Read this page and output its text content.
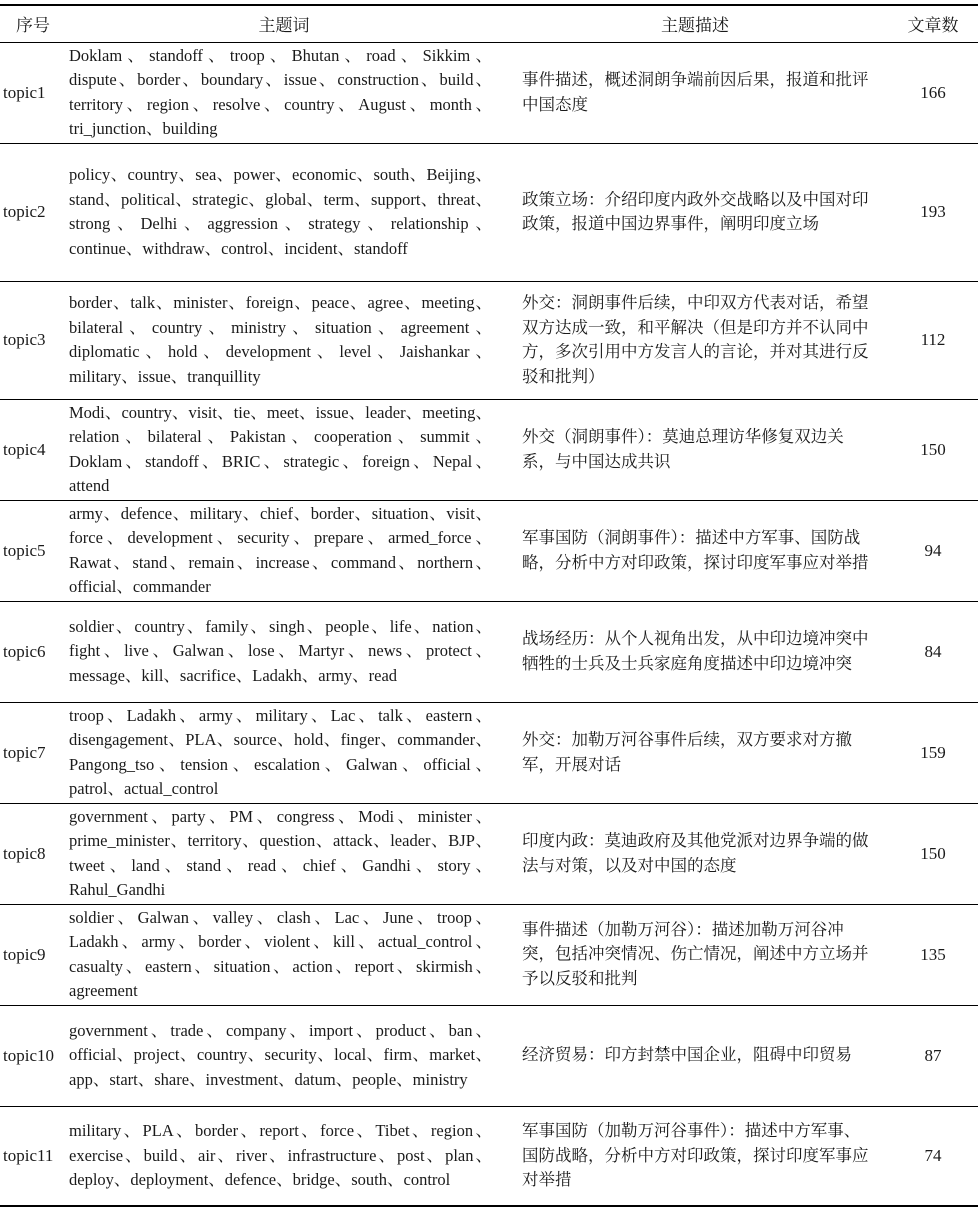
序号	主题词	主题描述	文章数
topic1	Doklam、standoff、troop、Bhutan、road、Sikkim、dispute、border、boundary、issue、construction、build、territory、region、resolve、country、August、month、tri_junction、building	事件描述，概述洞朗争端前因后果，报道和批评中国态度	166
topic2	policy、country、sea、power、economic、south、Beijing、stand、political、strategic、global、term、support、threat、strong、Delhi、aggression、strategy、relationship、continue、withdraw、control、incident、standoff	政策立场：介绍印度内政外交战略以及中国对印政策，报道中国边界事件，阐明印度立场	193
topic3	border、talk、minister、foreign、peace、agree、meeting、bilateral、country、ministry、situation、agreement、diplomatic、hold、development、level、Jaishankar、military、issue、tranquillity	外交：洞朗事件后续，中印双方代表对话，希望双方达成一致，和平解决（但是印方并不认同中方，多次引用中方发言人的言论，并对其进行反驳和批判）	112
topic4	Modi、country、visit、tie、meet、issue、leader、meeting、relation、bilateral、Pakistan、cooperation、summit、Doklam、standoff、BRIC、strategic、foreign、Nepal、attend	外交（洞朗事件）：莫迪总理访华修复双边关系，与中国达成共识	150
topic5	army、defence、military、chief、border、situation、visit、force、development、security、prepare、armed_force、Rawat、stand、remain、increase、command、northern、official、commander	军事国防（洞朗事件）：描述中方军事、国防战略，分析中方对印政策，探讨印度军事应对举措	94
topic6	soldier、country、family、singh、people、life、nation、fight、live、Galwan、lose、Martyr、news、protect、message、kill、sacrifice、Ladakh、army、read	战场经历：从个人视角出发，从中印边境冲突中牺牲的士兵及士兵家庭角度描述中印边境冲突	84
topic7	troop、Ladakh、army、military、Lac、talk、eastern、disengagement、PLA、source、hold、finger、commander、Pangong_tso、tension、escalation、Galwan、official、patrol、actual_control	外交：加勒万河谷事件后续，双方要求对方撤军，开展对话	159
topic8	government、party、PM、congress、Modi、minister、prime_minister、territory、question、attack、leader、BJP、tweet、land、stand、read、chief、Gandhi、story、Rahul_Gandhi	印度内政：莫迪政府及其他党派对边界争端的做法与对策，以及对中国的态度	150
topic9	soldier、Galwan、valley、clash、Lac、June、troop、Ladakh、army、border、violent、kill、actual_control、casualty、eastern、situation、action、report、skirmish、agreement	事件描述（加勒万河谷）：描述加勒万河谷冲突，包括冲突情况、伤亡情况，阐述中方立场并予以反驳和批判	135
topic10	government、trade、company、import、product、ban、official、project、country、security、local、firm、market、app、start、share、investment、datum、people、ministry	经济贸易：印方封禁中国企业，阻碍中印贸易	87
topic11	military、PLA、border、report、force、Tibet、region、exercise、build、air、river、infrastructure、post、plan、deploy、deployment、defence、bridge、south、control	军事国防（加勒万河谷事件）：描述中方军事、国防战略，分析中方对印政策，探讨印度军事应对举措	74
